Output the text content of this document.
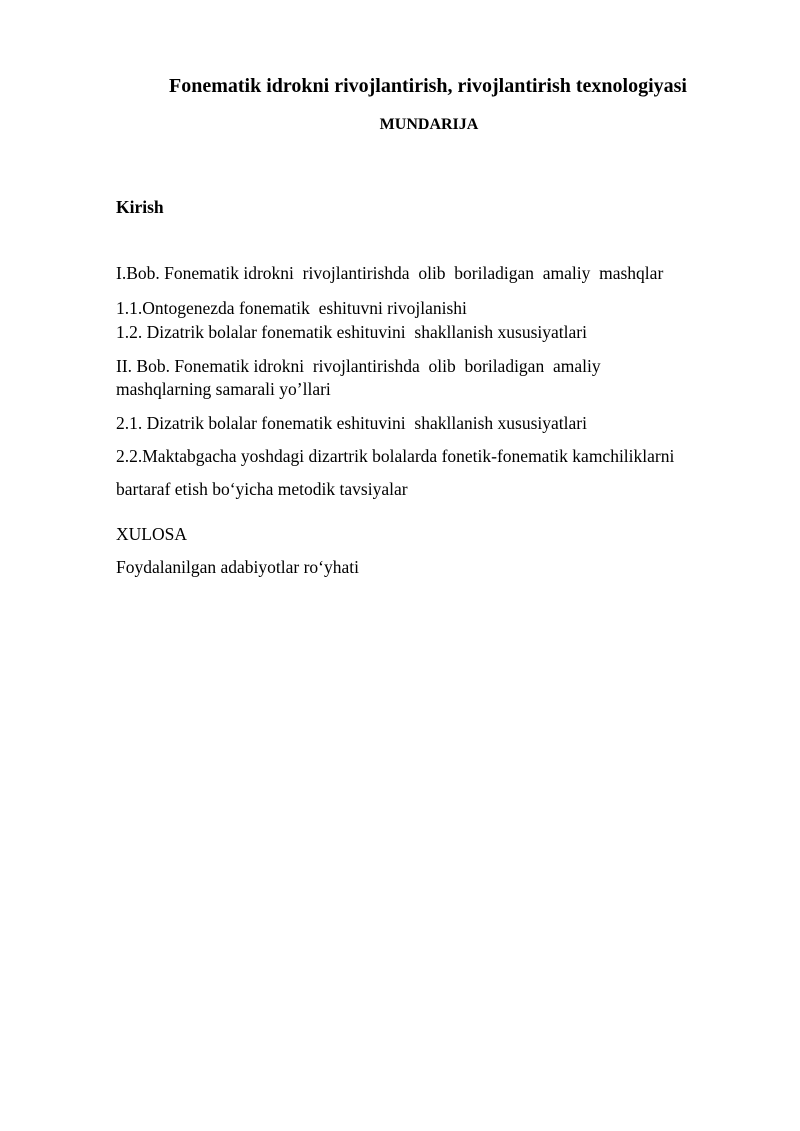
Fonematik idrokni rivojlantirish, rivojlantirish texnologiyasi
MUNDARIJA
Kirish
I.Bob. Fonematik idrokni  rivojlantirishda  olib  boriladigan  amaliy  mashqlar
1.1.Ontogenezda fonematik  eshituvni rivojlanishi
1.2. Dizatrik bolalar fonematik eshituvini  shakllanish xususiyatlari
II. Bob. Fonematik idrokni  rivojlantirishda  olib  boriladigan  amaliy
mashqlarning samarali yo’llari
2.1. Dizatrik bolalar fonematik eshituvini  shakllanish xususiyatlari
2.2.Maktabgacha yoshdagi dizartrik bolalarda fonetik-fonematik kamchiliklarni
bartaraf etish bo‘yicha metodik tavsiyalar
XULOSA
Foydalanilgan adabiyotlar ro‘yhati
